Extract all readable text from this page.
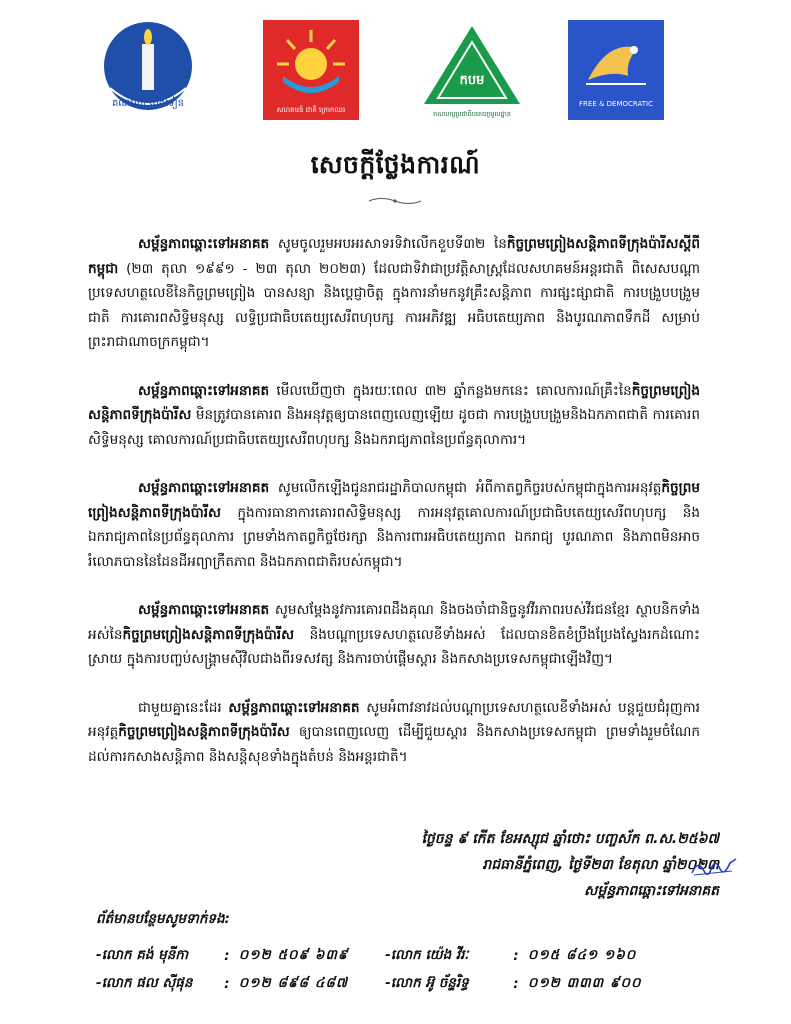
គណបក្ស ភ្លើងទៀន
សហគមន៍ ជាតិ ក្រោកឈរ
កបម
គណបក្សប្រជាធិបតេយ្យមូលដ្ឋាន
FREE & DEMOCRATIC
សេចក្តីថ្លែងការណ៍

សម្ព័ន្ធភាពឆ្ពោះទៅអនាគត សូមចូលរួមអបអរសាទរទិវាលើកខួបទី៣២ នៃកិច្ចព្រមព្រៀងសន្តិភាពទីក្រុងប៉ារីសស្តីពីកម្ពុជា (២៣ តុលា ១៩៩១ - ២៣ តុលា ២០២៣) ដែលជាទិវាជាប្រវត្តិសាស្ត្រដែលសហគមន៍អន្តរជាតិ ពិសេសបណ្តាប្រទេសហត្ថលេខីនៃកិច្ចព្រមព្រៀង បានសន្យា និងប្តេជ្ញាចិត្ត ក្នុងការនាំមកនូវគ្រឹះសន្តិភាព ការផ្សះផ្សាជាតិ ការបង្រួបបង្រួមជាតិ ការគោរពសិទ្ធិមនុស្ស លទ្ធិប្រជាធិបតេយ្យសេរីពហុបក្ស ការអភិវឌ្ឍ អធិបតេយ្យភាព និងបូរណភាពទឹកដី សម្រាប់ព្រះរាជាណាចក្រកម្ពុជា។

សម្ព័ន្ធភាពឆ្ពោះទៅអនាគត មើលឃើញថា ក្នុងរយៈពេល ៣២ ឆ្នាំកន្លងមកនេះ គោលការណ៍គ្រឹះនៃកិច្ចព្រមព្រៀងសន្តិភាពទីក្រុងប៉ារីស មិនត្រូវបានគោរព និងអនុវត្តឲ្យបានពេញលេញឡើយ ដូចជា ការបង្រួបបង្រួមនិងឯកភាពជាតិ ការគោរពសិទ្ធិមនុស្ស គោលការណ៍ប្រជាធិបតេយ្យសេរីពហុបក្ស និងឯករាជ្យភាពនៃប្រព័ន្ធតុលាការ។

សម្ព័ន្ធភាពឆ្ពោះទៅអនាគត សូមលើកឡើងជូនរាជរដ្ឋាភិបាលកម្ពុជា អំពីកាតព្វកិច្ចរបស់កម្ពុជាក្នុងការអនុវត្តកិច្ចព្រមព្រៀងសន្តិភាពទីក្រុងប៉ារីស ក្នុងការធានាការគោរពសិទ្ធិមនុស្ស ការអនុវត្តគោលការណ៍ប្រជាធិបតេយ្យសេរីពហុបក្ស និងឯករាជ្យភាពនៃប្រព័ន្ធតុលាការ ព្រមទាំងកាតព្វកិច្ចថែរក្សា និងការពារអធិបតេយ្យភាព ឯករាជ្យ បូរណភាព និងភាពមិនអាចរំលោភបាននៃដែនដីអព្យាក្រឹតភាព និងឯកភាពជាតិរបស់កម្ពុជា។

សម្ព័ន្ធភាពឆ្ពោះទៅអនាគត សូមសម្តែងនូវការគោរពដឹងគុណ និងចងចាំជានិច្ចនូវវីរភាពរបស់វីរជនខ្មែរ ស្ថាបនិកទាំងអស់នៃកិច្ចព្រមព្រៀងសន្តិភាពទីក្រុងប៉ារីស និងបណ្តាប្រទេសហត្ថលេខីទាំងអស់ ដែលបានខិតខំប្រឹងប្រែងស្វែងរកដំណោះស្រាយ ក្នុងការបញ្ចប់សង្គ្រាមស៊ីវិលជាងពីរទសវត្ស និងការចាប់ផ្តើមស្តារ និងកសាងប្រទេសកម្ពុជាឡើងវិញ។

ជាមួយគ្នានេះដែរ សម្ព័ន្ធភាពឆ្ពោះទៅអនាគត សូមអំពាវនាវដល់បណ្តាប្រទេសហត្ថលេខីទាំងអស់ បន្តជួយជំរុញការអនុវត្តកិច្ចព្រមព្រៀងសន្តិភាពទីក្រុងប៉ារីស ឲ្យបានពេញលេញ ដើម្បីជួយស្តារ និងកសាងប្រទេសកម្ពុជា ព្រមទាំងរួមចំណែកដល់ការកសាងសន្តិភាព និងសន្តិសុខទាំងក្នុងតំបន់ និងអន្តរជាតិ។

ថ្ងៃចន្ទ ៩ កើត ខែអស្សុជ ឆ្នាំថោះ បញ្ចស័ក ព.ស.២៥៦៧
រាជធានីភ្នំពេញ, ថ្ងៃទី២៣ ខែតុលា ឆ្នាំ២០២៣
សម្ព័ន្ធភាពឆ្ពោះទៅអនាគត
ព័ត៌មានបន្ថែមសូមទាក់ទង:
-លោក គង់ មុនីកា	: ០១២ ៥០៩ ៦៣៩	-លោក យ៉េង វីរៈ	: ០១៥ ៨៤១ ១៦០
-លោក ផល ស៊ីផុន	: ០១២ ៨៩៨ ៤៨៧	-លោក អ៊ូ ច័ន្ទរិទ្ធ	: ០១២ ៣៣៣ ៩០០
